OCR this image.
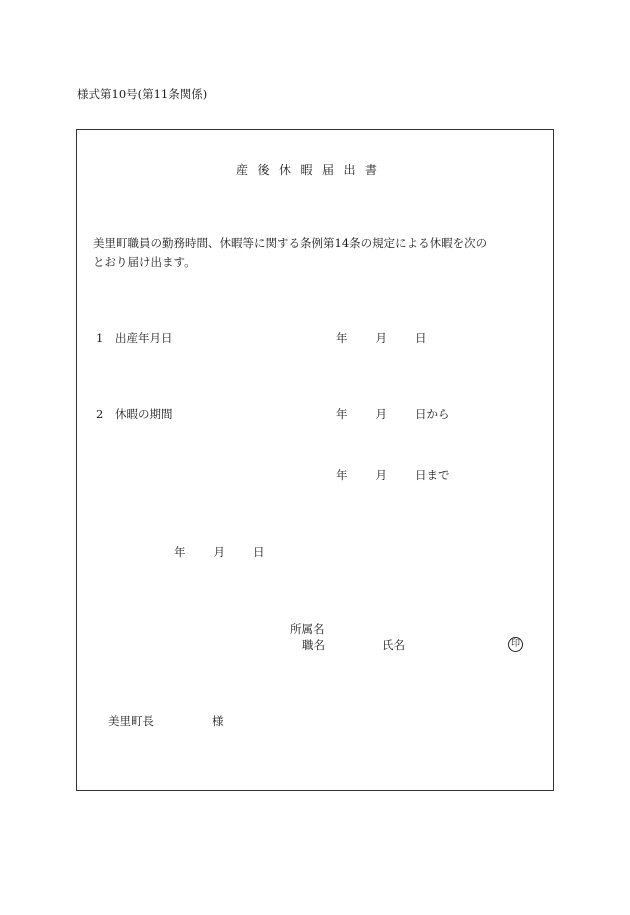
様式第10号(第11条関係)
産後休暇届出書
美里町職員の勤務時間、休暇等に関する条例第14条の規定による休暇を次の
とおり届け出ます。
1 出産年月日	年 月 日
2 休暇の期間	年 月 日から
年 月 日まで
年 月 日
所属名
職名	氏名	印
美里町長	様
